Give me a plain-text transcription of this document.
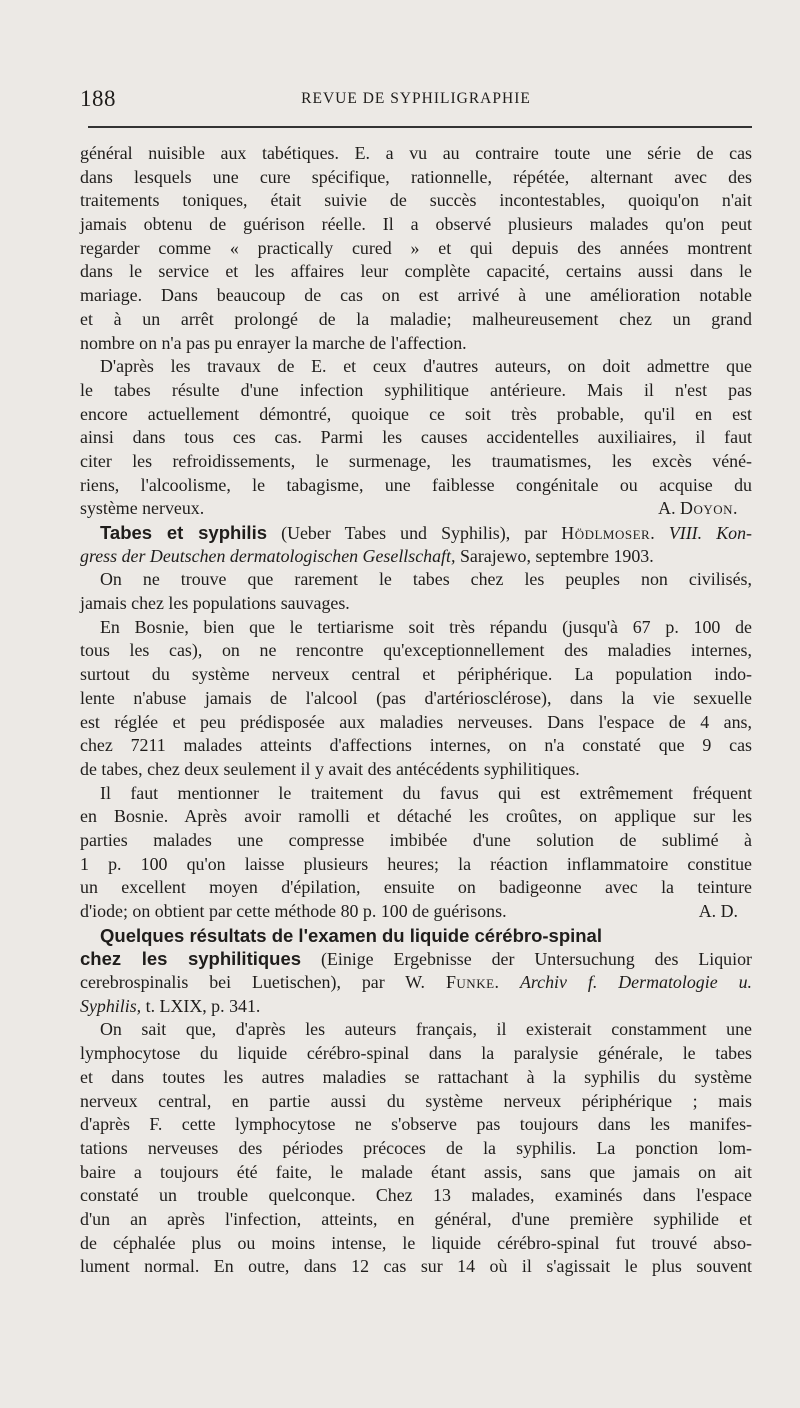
188	REVUE DE SYPHILIGRAPHIE
général nuisible aux tabétiques. E. a vu au contraire toute une série de cas
dans lesquels une cure spécifique, rationnelle, répétée, alternant avec des
traitements toniques, était suivie de succès incontestables, quoiqu'on n'ait
jamais obtenu de guérison réelle. Il a observé plusieurs malades qu'on peut
regarder comme « practically cured » et qui depuis des années montrent
dans le service et les affaires leur complète capacité, certains aussi dans le
mariage. Dans beaucoup de cas on est arrivé à une amélioration notable
et à un arrêt prolongé de la maladie; malheureusement chez un grand
nombre on n'a pas pu enrayer la marche de l'affection.
D'après les travaux de E. et ceux d'autres auteurs, on doit admettre que
le tabes résulte d'une infection syphilitique antérieure. Mais il n'est pas
encore actuellement démontré, quoique ce soit très probable, qu'il en est
ainsi dans tous ces cas. Parmi les causes accidentelles auxiliaires, il faut
citer les refroidissements, le surmenage, les traumatismes, les excès véné-
riens, l'alcoolisme, le tabagisme, une faiblesse congénitale ou acquise du
système nerveux.	A. Doyon.
Tabes et syphilis (Ueber Tabes und Syphilis), par Hödlmoser. VIII. Kon-
gress der Deutschen dermatologischen Gesellschaft, Sarajewo, septembre 1903.
On ne trouve que rarement le tabes chez les peuples non civilisés,
jamais chez les populations sauvages.
En Bosnie, bien que le tertiarisme soit très répandu (jusqu'à 67 p. 100 de
tous les cas), on ne rencontre qu'exceptionnellement des maladies internes,
surtout du système nerveux central et périphérique. La population indo-
lente n'abuse jamais de l'alcool (pas d'artériosclérose), dans la vie sexuelle
est réglée et peu prédisposée aux maladies nerveuses. Dans l'espace de 4 ans,
chez 7211 malades atteints d'affections internes, on n'a constaté que 9 cas
de tabes, chez deux seulement il y avait des antécédents syphilitiques.
Il faut mentionner le traitement du favus qui est extrêmement fréquent
en Bosnie. Après avoir ramolli et détaché les croûtes, on applique sur les
parties malades une compresse imbibée d'une solution de sublimé à
1 p. 100 qu'on laisse plusieurs heures; la réaction inflammatoire constitue
un excellent moyen d'épilation, ensuite on badigeonne avec la teinture
d'iode; on obtient par cette méthode 80 p. 100 de guérisons.	A. D.
Quelques résultats de l'examen du liquide cérébro-spinal
chez les syphilitiques (Einige Ergebnisse der Untersuchung des Liquior
cerebrospinalis bei Luetischen), par W. Funke. Archiv f. Dermatologie u.
Syphilis, t. LXIX, p. 341.
On sait que, d'après les auteurs français, il existerait constamment une
lymphocytose du liquide cérébro-spinal dans la paralysie générale, le tabes
et dans toutes les autres maladies se rattachant à la syphilis du système
nerveux central, en partie aussi du système nerveux périphérique ; mais
d'après F. cette lymphocytose ne s'observe pas toujours dans les manifes-
tations nerveuses des périodes précoces de la syphilis. La ponction lom-
baire a toujours été faite, le malade étant assis, sans que jamais on ait
constaté un trouble quelconque. Chez 13 malades, examinés dans l'espace
d'un an après l'infection, atteints, en général, d'une première syphilide et
de céphalée plus ou moins intense, le liquide cérébro-spinal fut trouvé abso-
lument normal. En outre, dans 12 cas sur 14 où il s'agissait le plus souvent
